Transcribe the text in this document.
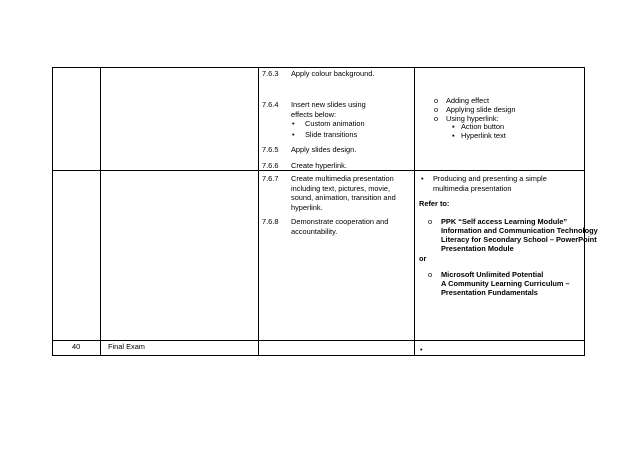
7.6.3 Apply colour background.
7.6.4 Insert new slides using effects below:
• Custom animation
• Slide transitions
7.6.5 Apply slides design.
7.6.6 Create hyperlink.
o Adding effect
o Applying slide design
o Using hyperlink:
▪ Action button
▪ Hyperlink text
7.6.7 Create multimedia presentation including text, pictures, movie, sound, animation, transition and hyperlink.
7.6.8 Demonstrate cooperation and accountability.
• Producing and presenting a simple multimedia presentation
Refer to:
o PPK “Self access Learning Module”
Information and Communication Technology
Literacy for Secondary School – PowerPoint
Presentation Module
or
o Microsoft Unlimited Potential
A Community Learning Curriculum –
Presentation Fundamentals
40	Final Exam	•
